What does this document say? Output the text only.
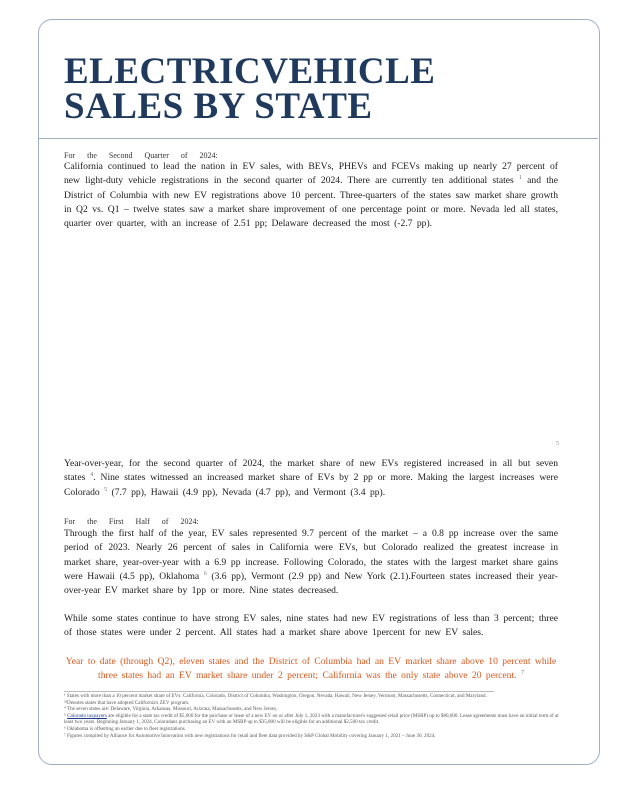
ELECTRICVEHICLE
SALES BY STATE
For the Second Quarter of 2024:

California continued to lead the nation in EV sales, with BEVs, PHEVs and FCEVs making up nearly 27 percent of new light-duty vehicle registrations in the second quarter of 2024. There are currently ten additional states $^1$ and the District of Columbia with new EV registrations above 10 percent. Three-quarters of the states saw market share growth in Q2 vs. Q1 – twelve states saw a market share improvement of one percentage point or more. Nevada led all states, quarter over quarter, with an increase of 2.51 pp; Delaware decreased the most (-2.7 pp).

5

Year-over-year, for the second quarter of 2024, the market share of new EVs registered increased in all but seven states $^4$. Nine states witnessed an increased market share of EVs by 2 pp or more. Making the largest increases were Colorado $^5$ (7.7 pp), Hawaii (4.9 pp), Nevada (4.7 pp), and Vermont (3.4 pp).

For the First Half of 2024:

Through the first half of the year, EV sales represented 9.7 percent of the market – a 0.8 pp increase over the same period of 2023. Nearly 26 percent of sales in California were EVs, but Colorado realized the greatest increase in market share, year-over-year with a 6.9 pp increase. Following Colorado, the states with the largest market share gains were Hawaii (4.5 pp), Oklahoma $^6$ (3.6 pp), Vermont (2.9 pp) and New York (2.1).Fourteen states increased their year-over-year EV market share by 1pp or more. Nine states decreased.

While some states continue to have strong EV sales, nine states had new EV registrations of less than 3 percent; three of those states were under 2 percent. All states had a market share above 1percent for new EV sales.

Year to date (through Q2), eleven states and the District of Columbia had an EV market share above 10 percent while three states had an EV market share under 2 percent; California was the only state above 20 percent. $^7$

¹ States with more than a 10 percent market share of EVs: California, Colorado, District of Columbia, Washington, Oregon, Nevada, Hawaii, New Jersey, Vermont, Massachusetts, Connecticut, and Maryland.
²³Denotes states that have adopted California's ZEV program.
⁴ The seven states are: Delaware, Virginia, Arkansas, Missouri, Arizona, Massachusetts, and New Jersey.
⁵ Colorado taxpayers are eligible for a state tax credit of $5,000 for the purchase or lease of a new EV on or after July 1, 2023 with a manufacturer's suggested retail price (MSRP) up to $80,000. Lease agreements must have an initial term of at least two years. Beginning January 1, 2024, Coloradans purchasing an EV with an MSRP up to $35,000 will be eligible for an additional $2,500 tax credit.
⁶ Oklahoma is offsetting an earlier due to fleet registrations.
⁷ Figures compiled by Alliance for Automotive Innovation with new registrations for retail and fleet data provided by S&P Global Mobility covering January 1, 2021 – June 30, 2024.
